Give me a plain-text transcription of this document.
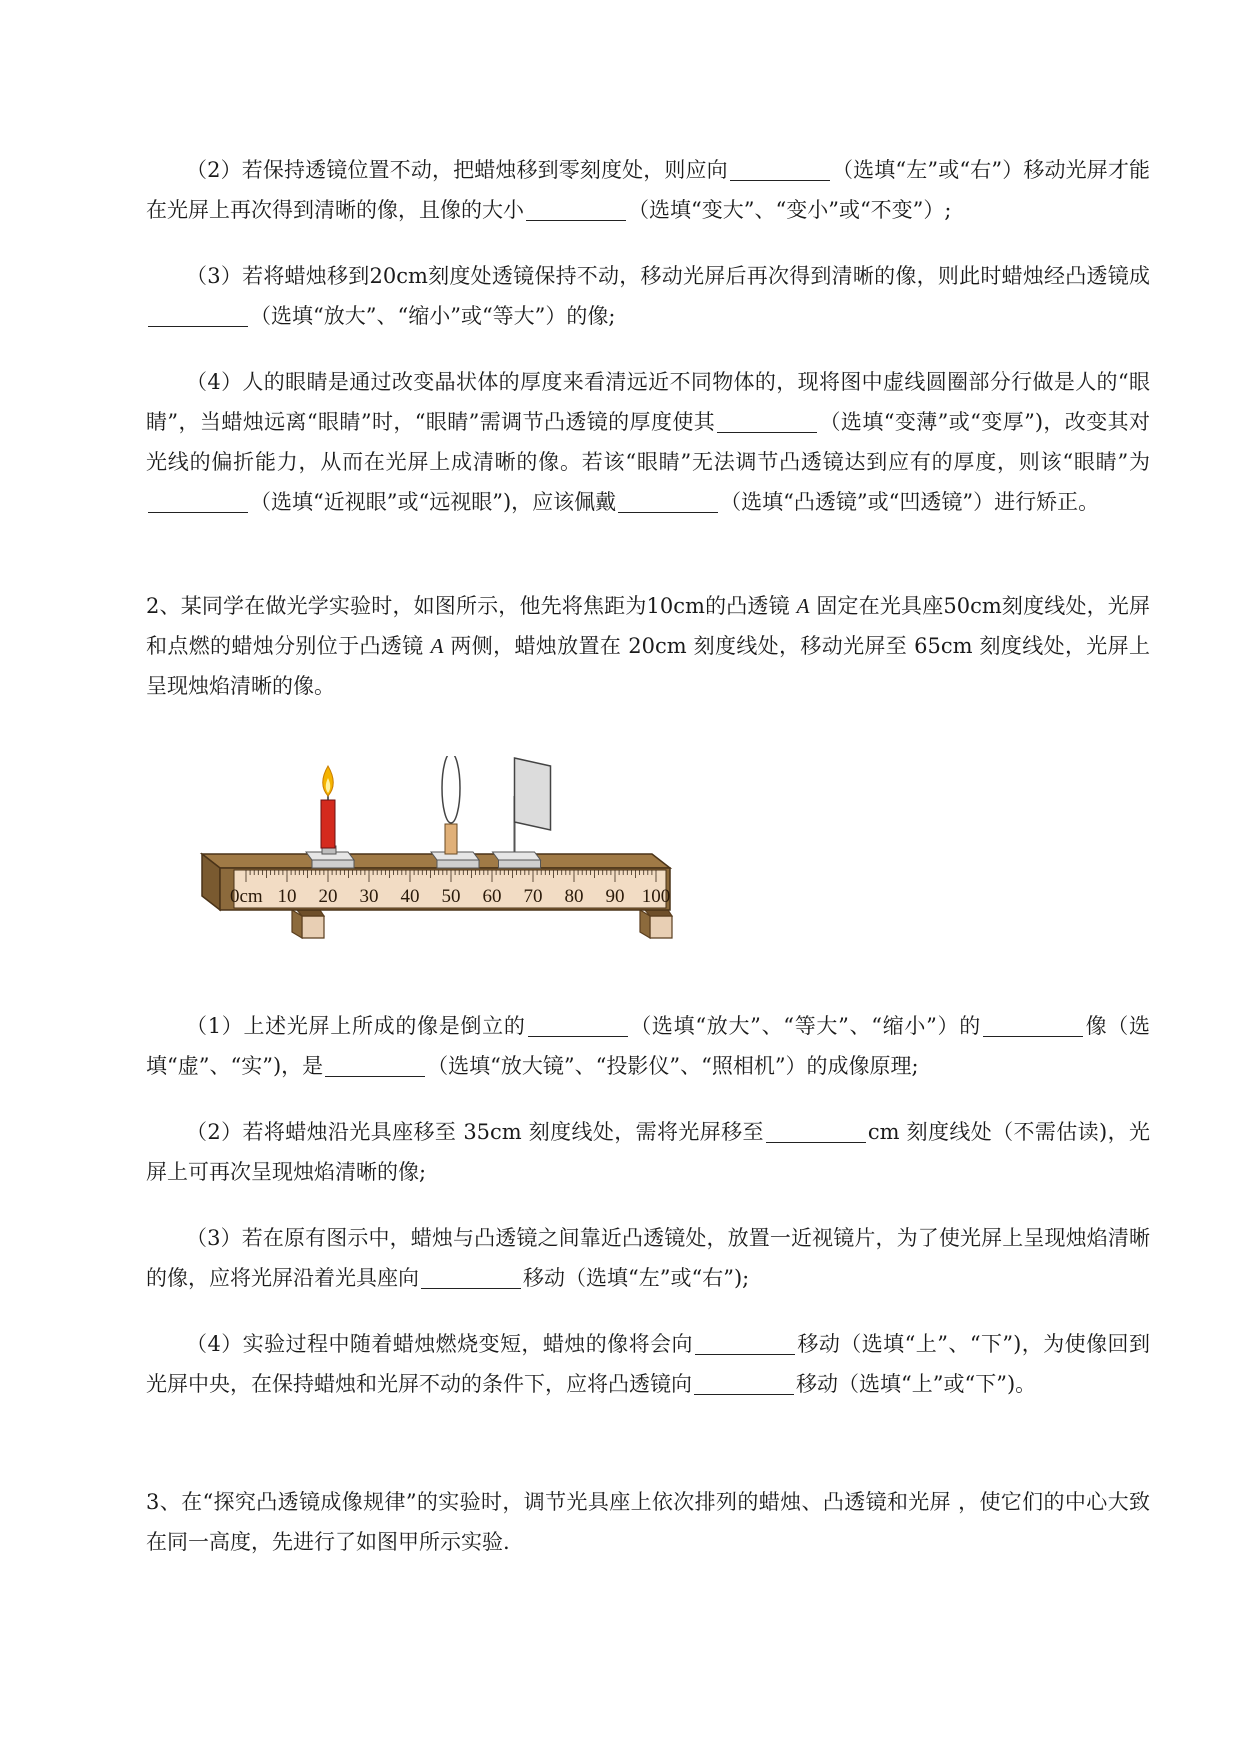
（2）若保持透镜位置不动，把蜡烛移到零刻度处，则应向	（选填“左”或“右”）移动光屏才能在光屏上再次得到清晰的像，且像的大小	（选填“变大”、“变小”或“不变”）;

（3）若将蜡烛移到20cm刻度处透镜保持不动，移动光屏后再次得到清晰的像，则此时蜡烛经凸透镜成（选填“放大”、“缩小”或“等大”）的像;

（4）人的眼睛是通过改变晶状体的厚度来看清远近不同物体的，现将图中虚线圆圈部分行做是人的“眼睛”，当蜡烛远离“眼睛”时，“眼睛”需调节凸透镜的厚度使其	（选填“变薄”或“变厚”)，改变其对光线的偏折能力，从而在光屏上成清晰的像。若该“眼睛”无法调节凸透镜达到应有的厚度，则该“眼睛”为（选填“近视眼”或“远视眼”)，应该佩戴	（选填“凸透镜”或“凹透镜”）进行矫正。

2、某同学在做光学实验时，如图所示，他先将焦距为10cm的凸透镜 A 固定在光具座50cm刻度线处，光屏和点燃的蜡烛分别位于凸透镜 A 两侧，蜡烛放置在 20cm 刻度线处，移动光屏至 65cm 刻度线处，光屏上呈现烛焰清晰的像。

0cm 10 20 30 40 50 60 70 80 90 100

（1）上述光屏上所成的像是倒立的	（选填“放大”、“等大”、“缩小”）的	像（选填“虚”、“实”)，是	（选填“放大镜”、“投影仪”、“照相机”）的成像原理;

（2）若将蜡烛沿光具座移至 35cm 刻度线处，需将光屏移至	cm 刻度线处（不需估读)，光屏上可再次呈现烛焰清晰的像;

（3）若在原有图示中，蜡烛与凸透镜之间靠近凸透镜处，放置一近视镜片，为了使光屏上呈现烛焰清晰的像，应将光屏沿着光具座向	移动（选填“左”或“右”);

（4）实验过程中随着蜡烛燃烧变短，蜡烛的像将会向	移动（选填“上”、“下”)，为使像回到光屏中央，在保持蜡烛和光屏不动的条件下，应将凸透镜向	移动（选填“上”或“下”)。

3、在“探究凸透镜成像规律”的实验时，调节光具座上依次排列的蜡烛、凸透镜和光屏 ，使它们的中心大致在同一高度，先进行了如图甲所示实验.
